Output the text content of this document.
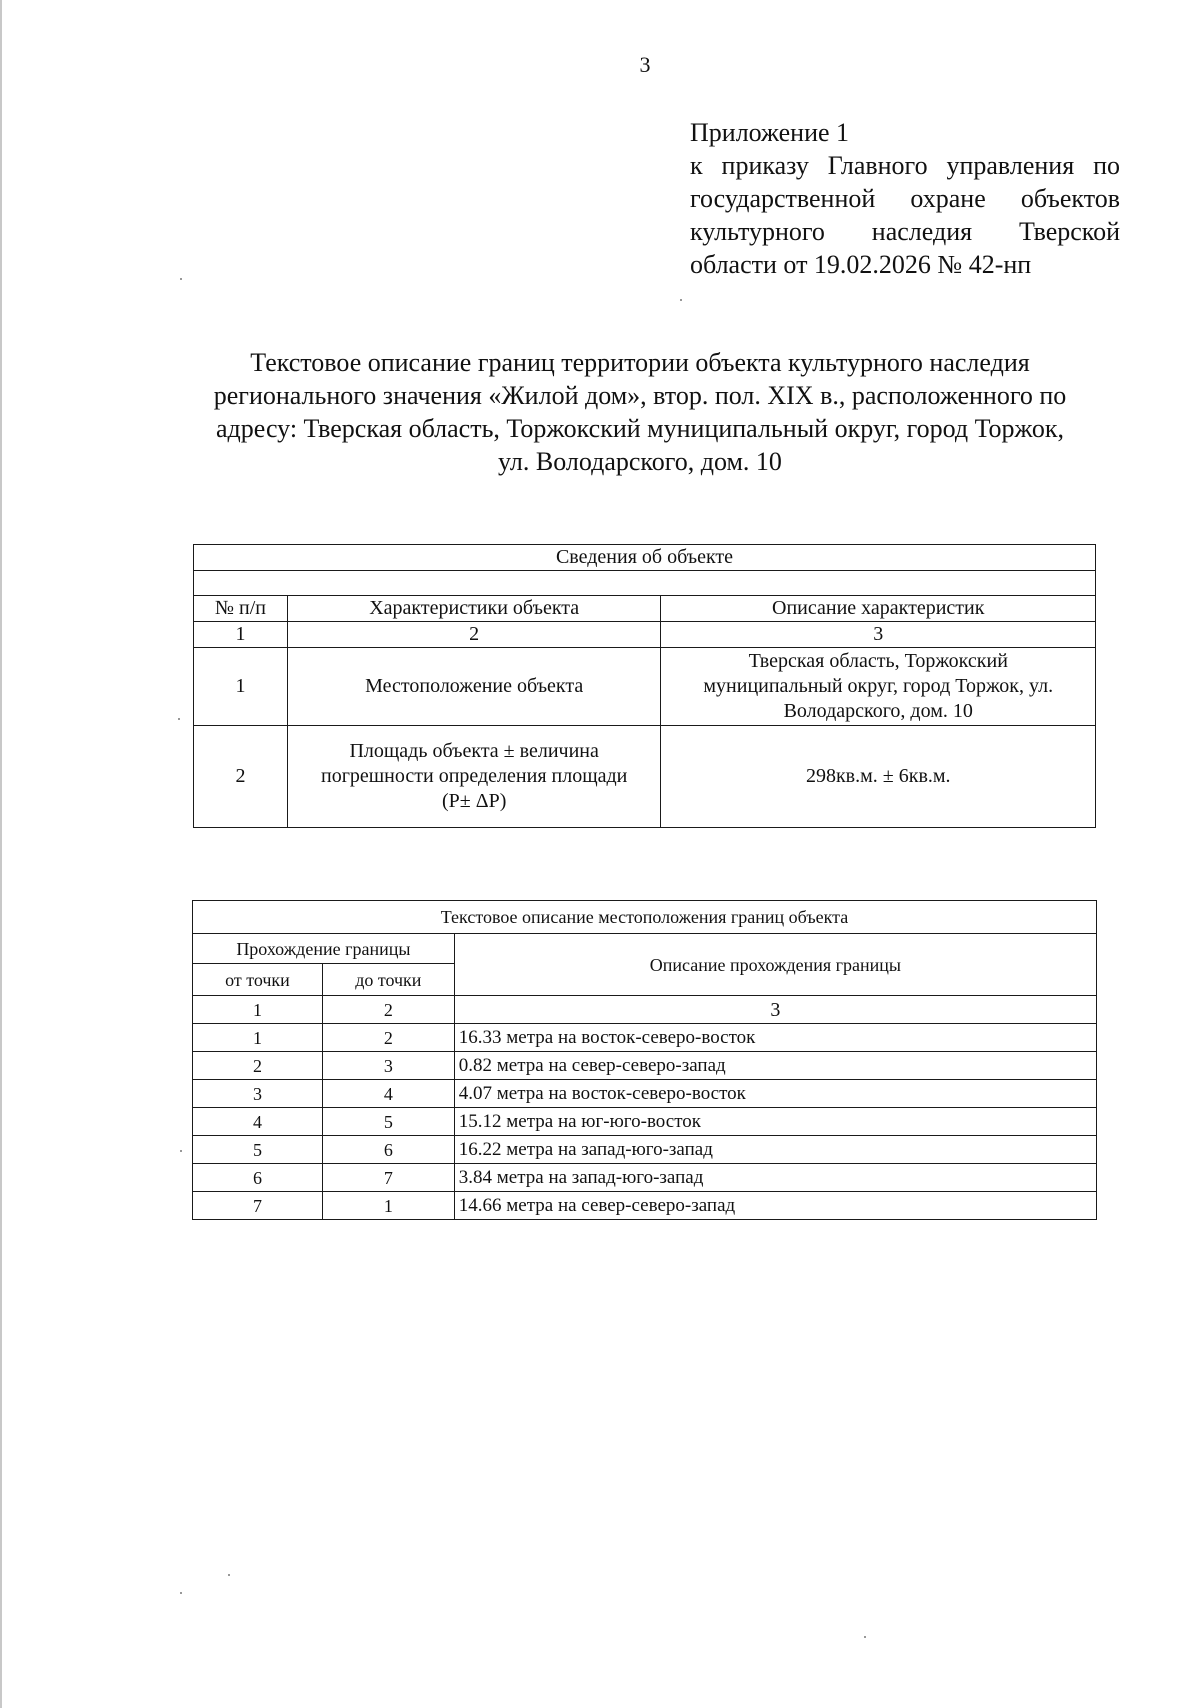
3
Приложение 1
к приказу Главного управления по
государственной охране объектов
культурного наследия Тверской
области от 19.02.2026 № 42-нп
Текстовое описание границ территории объекта культурного наследия
регионального значения «Жилой дом», втор. пол. XIX в., расположенного по
адресу: Тверская область, Торжокский муниципальный округ, город Торжок,
ул. Володарского, дом. 10
Сведения об объекте		

№ п/п	Характеристики объекта	Описание характеристик
1	2	3
1	Местоположение объекта	Тверская область, Торжокский
муниципальный округ, город Торжок, ул.
Володарского, дом. 10

2	Площадь объекта ± величина
погрешности определения площади
(P± ΔP)	298кв.м. ± 6кв.м.
Текстовое описание местоположения границ объекта		
Прохождение границы		Описание прохождения границы
от точки	до точки	
1	2	3
1	2	16.33 метра на восток-северо-восток
2	3	0.82 метра на север-северо-запад
3	4	4.07 метра на восток-северо-восток
4	5	15.12 метра на юг-юго-восток
5	6	16.22 метра на запад-юго-запад
6	7	3.84 метра на запад-юго-запад
7	1	14.66 метра на север-северо-запад
